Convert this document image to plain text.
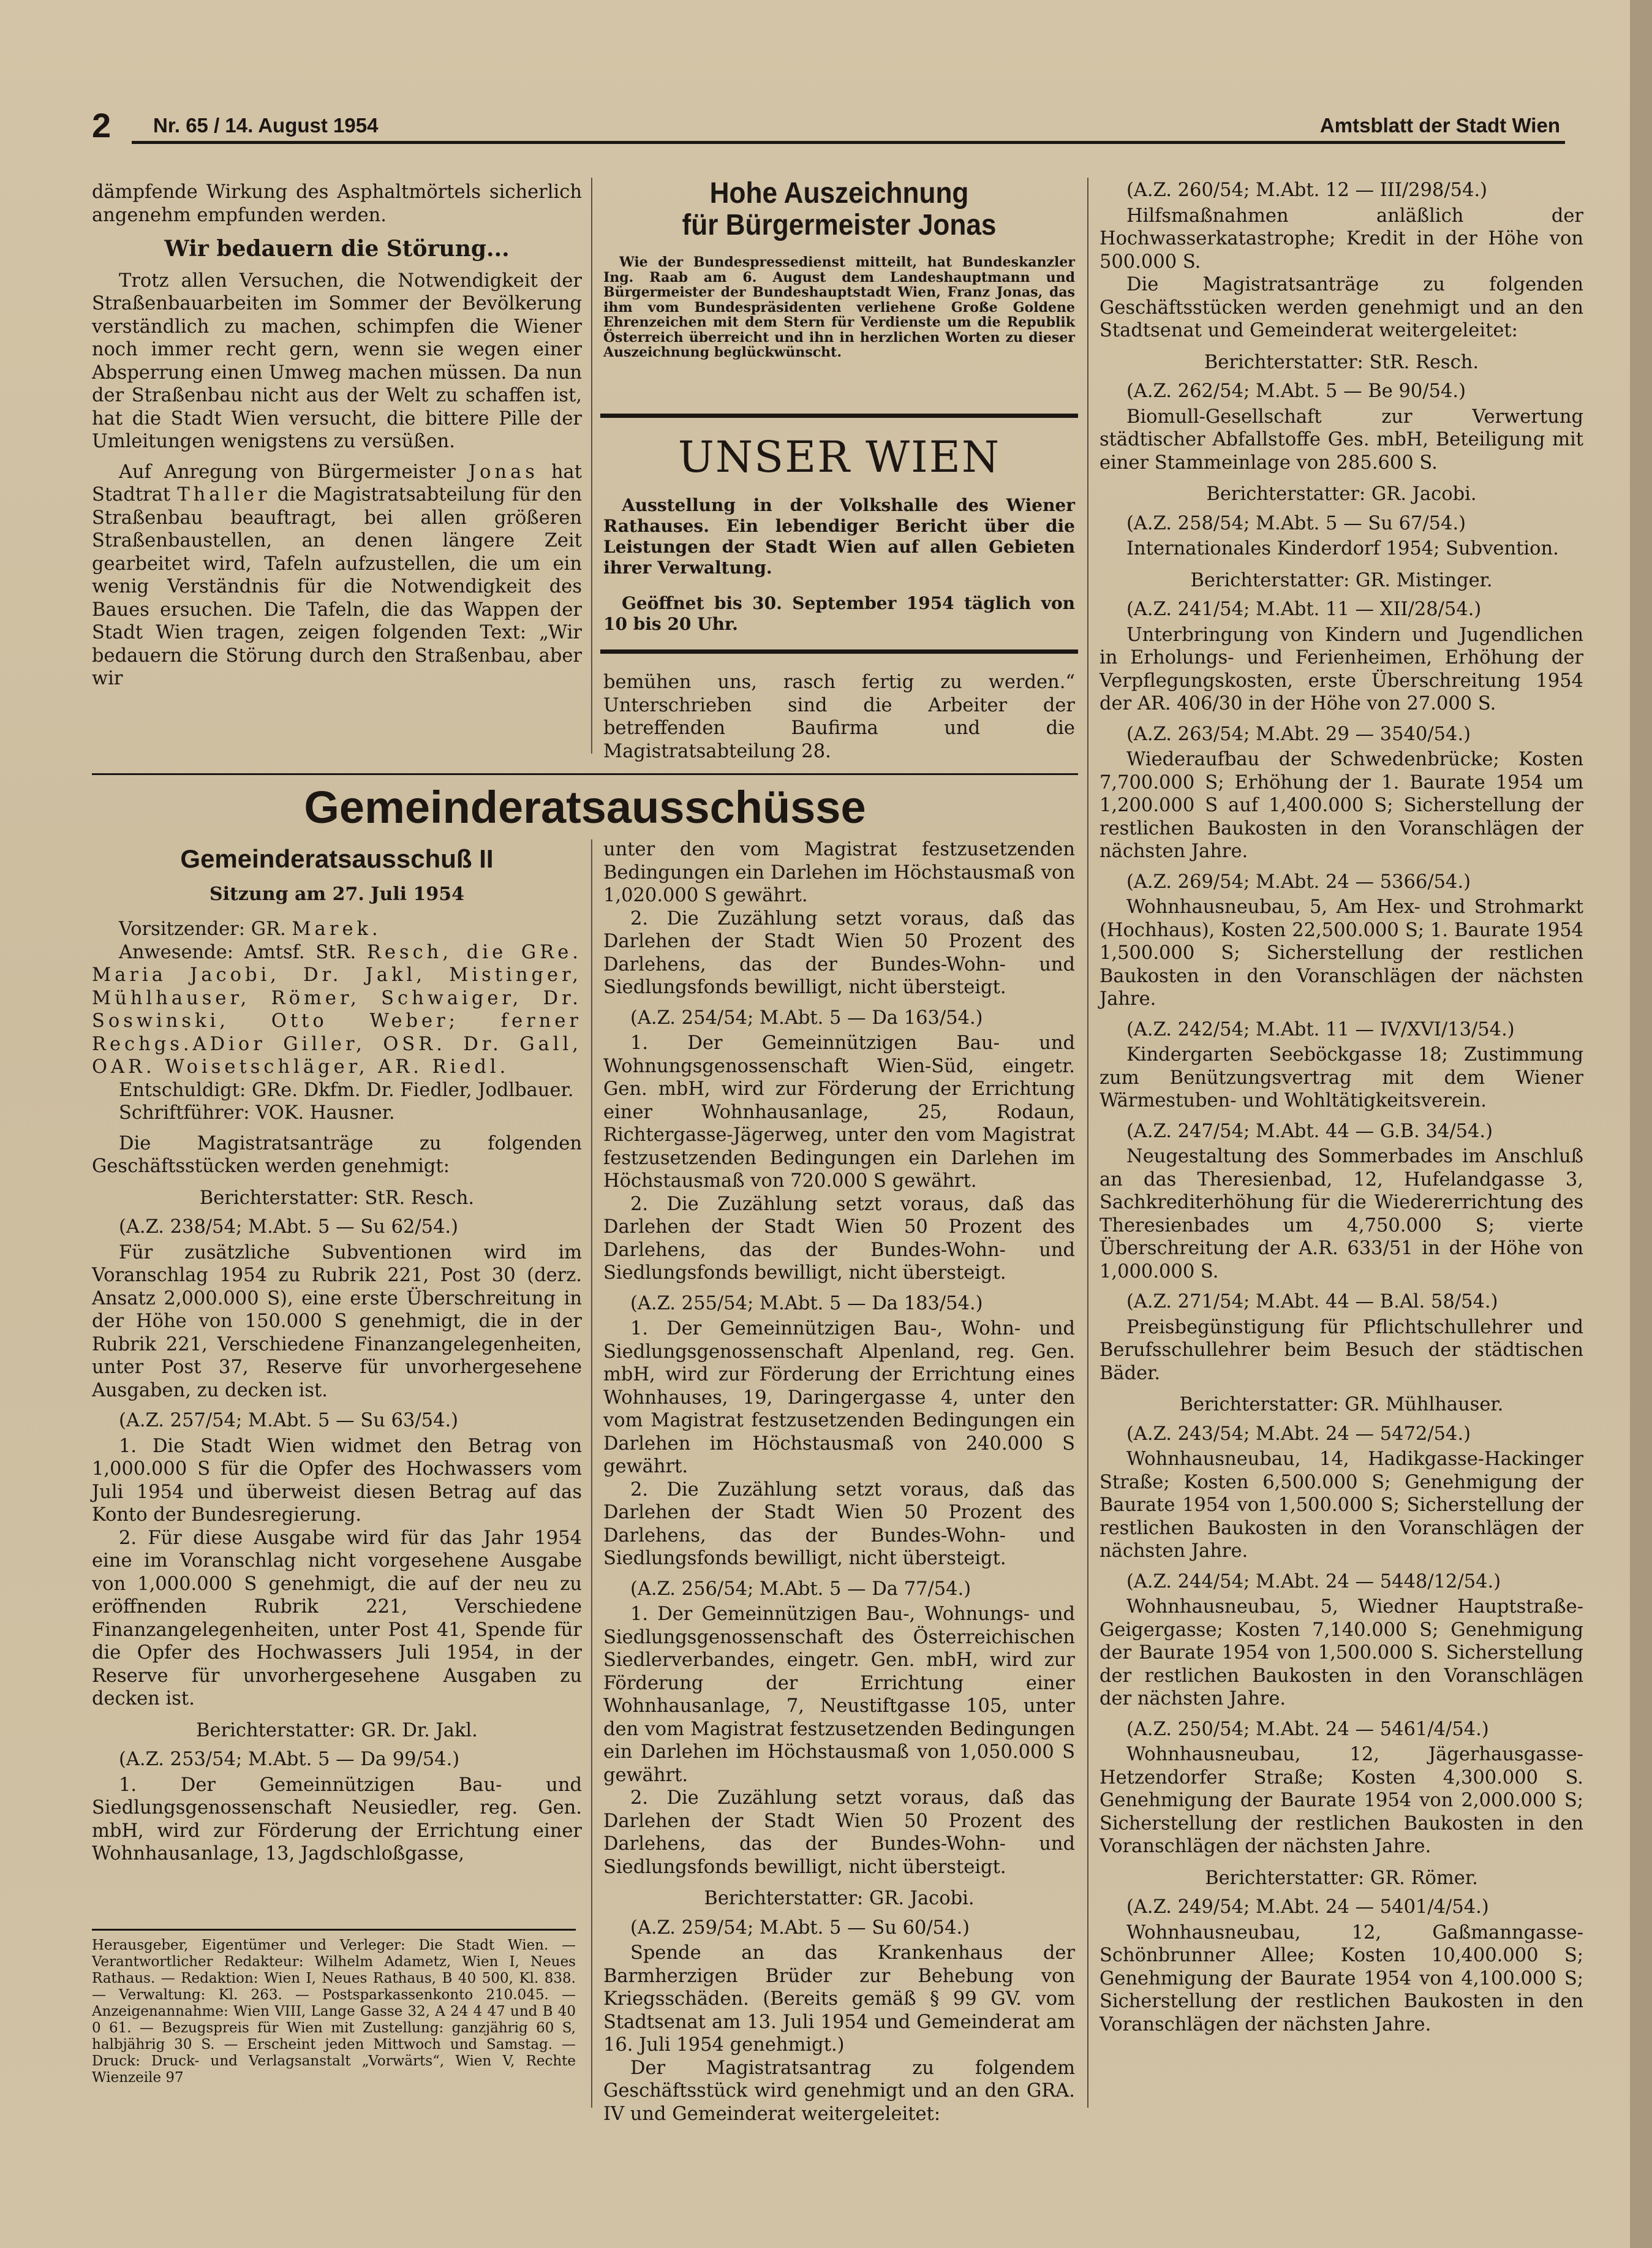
2 Nr. 65 / 14. August 1954	Amtsblatt der Stadt Wien

dämpfende Wirkung des Asphaltmörtels sicherlich angenehm empfunden werden.

Wir bedauern die Störung...

Trotz allen Versuchen, die Notwendigkeit der Straßenbauarbeiten im Sommer der Bevölkerung verständlich zu machen, schimpfen die Wiener noch immer recht gern, wenn sie wegen einer Absperrung einen Umweg machen müssen. Da nun der Straßenbau nicht aus der Welt zu schaffen ist, hat die Stadt Wien versucht, die bittere Pille der Umleitungen wenigstens zu versüßen.

Auf Anregung von Bürgermeister Jonas hat Stadtrat Thaller die Magistratsabteilung für den Straßenbau beauftragt, bei allen größeren Straßenbaustellen, an denen längere Zeit gearbeitet wird, Tafeln aufzustellen, die um ein wenig Verständnis für die Notwendigkeit des Baues ersuchen. Die Tafeln, die das Wappen der Stadt Wien tragen, zeigen folgenden Text: „Wir bedauern die Störung durch den Straßenbau, aber wir

Hohe Auszeichnung
für Bürgermeister Jonas
Wie der Bundespressedienst mitteilt, hat Bundeskanzler Ing. Raab am 6. August dem Landeshauptmann und Bürgermeister der Bundeshauptstadt Wien, Franz Jonas, das ihm vom Bundespräsidenten verliehene Große Goldene Ehrenzeichen mit dem Stern für Verdienste um die Republik Österreich überreicht und ihn in herzlichen Worten zu dieser Auszeichnung beglückwünscht.
UNSER WIEN
Ausstellung in der Volkshalle des Wiener Rathauses. Ein lebendiger Bericht über die Leistungen der Stadt Wien auf allen Gebieten ihrer Verwaltung.
Geöffnet bis 30. September 1954 täglich von 10 bis 20 Uhr.

bemühen uns, rasch fertig zu werden.“ Unterschrieben sind die Arbeiter der betreffenden Baufirma und die Magistratsabteilung 28.

Gemeinderatsausschüsse
Gemeinderatsausschuß II
Sitzung am 27. Juli 1954

Vorsitzender: GR. Marek.

Anwesende: Amtsf. StR. Resch, die GRe. Maria Jacobi, Dr. Jakl, Mistinger, Mühlhauser, Römer, Schwaiger, Dr. Soswinski, Otto Weber; ferner Rechgs.ADior Giller, OSR. Dr. Gall, OAR. Woisetschläger, AR. Riedl.

Entschuldigt: GRe. Dkfm. Dr. Fiedler, Jodlbauer.

Schriftführer: VOK. Hausner.

Die Magistratsanträge zu folgenden Geschäftsstücken werden genehmigt:

Berichterstatter: StR. Resch.

(A.Z. 238/54; M.Abt. 5 — Su 62/54.)

Für zusätzliche Subventionen wird im Voranschlag 1954 zu Rubrik 221, Post 30 (derz. Ansatz 2,000.000 S), eine erste Überschreitung in der Höhe von 150.000 S genehmigt, die in der Rubrik 221, Verschiedene Finanzangelegenheiten, unter Post 37, Reserve für unvorhergesehene Ausgaben, zu decken ist.

(A.Z. 257/54; M.Abt. 5 — Su 63/54.)

1. Die Stadt Wien widmet den Betrag von 1,000.000 S für die Opfer des Hochwassers vom Juli 1954 und überweist diesen Betrag auf das Konto der Bundesregierung.

2. Für diese Ausgabe wird für das Jahr 1954 eine im Voranschlag nicht vorgesehene Ausgabe von 1,000.000 S genehmigt, die auf der neu zu eröffnenden Rubrik 221, Verschiedene Finanzangelegenheiten, unter Post 41, Spende für die Opfer des Hochwassers Juli 1954, in der Reserve für unvorhergesehene Ausgaben zu decken ist.

Berichterstatter: GR. Dr. Jakl.

(A.Z. 253/54; M.Abt. 5 — Da 99/54.)

1. Der Gemeinnützigen Bau- und Siedlungsgenossenschaft Neusiedler, reg. Gen. mbH, wird zur Förderung der Errichtung einer Wohnhausanlage, 13, Jagdschloßgasse,

Herausgeber, Eigentümer und Verleger: Die Stadt Wien. — Verantwortlicher Redakteur: Wilhelm Adametz, Wien I, Neues Rathaus. — Redaktion: Wien I, Neues Rathaus, B 40 500, Kl. 838. — Verwaltung: Kl. 263. — Postsparkassenkonto 210.045. — Anzeigenannahme: Wien VIII, Lange Gasse 32, A 24 4 47 und B 40 0 61. — Bezugspreis für Wien mit Zustellung: ganzjährig 60 S, halbjährig 30 S. — Erscheint jeden Mittwoch und Samstag. — Druck: Druck- und Verlagsanstalt „Vorwärts“, Wien V, Rechte Wienzeile 97

unter den vom Magistrat festzusetzenden Bedingungen ein Darlehen im Höchstausmaß von 1,020.000 S gewährt.

2. Die Zuzählung setzt voraus, daß das Darlehen der Stadt Wien 50 Prozent des Darlehens, das der Bundes-Wohn- und Siedlungsfonds bewilligt, nicht übersteigt.

(A.Z. 254/54; M.Abt. 5 — Da 163/54.)

1. Der Gemeinnützigen Bau- und Wohnungsgenossenschaft Wien-Süd, eingetr. Gen. mbH, wird zur Förderung der Errichtung einer Wohnhausanlage, 25, Rodaun, Richtergasse-Jägerweg, unter den vom Magistrat festzusetzenden Bedingungen ein Darlehen im Höchstausmaß von 720.000 S gewährt.

2. Die Zuzählung setzt voraus, daß das Darlehen der Stadt Wien 50 Prozent des Darlehens, das der Bundes-Wohn- und Siedlungsfonds bewilligt, nicht übersteigt.

(A.Z. 255/54; M.Abt. 5 — Da 183/54.)

1. Der Gemeinnützigen Bau-, Wohn- und Siedlungsgenossenschaft Alpenland, reg. Gen. mbH, wird zur Förderung der Errichtung eines Wohnhauses, 19, Daringergasse 4, unter den vom Magistrat festzusetzenden Bedingungen ein Darlehen im Höchstausmaß von 240.000 S gewährt.

2. Die Zuzählung setzt voraus, daß das Darlehen der Stadt Wien 50 Prozent des Darlehens, das der Bundes-Wohn- und Siedlungsfonds bewilligt, nicht übersteigt.

(A.Z. 256/54; M.Abt. 5 — Da 77/54.)

1. Der Gemeinnützigen Bau-, Wohnungs- und Siedlungsgenossenschaft des Österreichischen Siedlerverbandes, eingetr. Gen. mbH, wird zur Förderung der Errichtung einer Wohnhausanlage, 7, Neustiftgasse 105, unter den vom Magistrat festzusetzenden Bedingungen ein Darlehen im Höchstausmaß von 1,050.000 S gewährt.

2. Die Zuzählung setzt voraus, daß das Darlehen der Stadt Wien 50 Prozent des Darlehens, das der Bundes-Wohn- und Siedlungsfonds bewilligt, nicht übersteigt.

Berichterstatter: GR. Jacobi.

(A.Z. 259/54; M.Abt. 5 — Su 60/54.)

Spende an das Krankenhaus der Barmherzigen Brüder zur Behebung von Kriegsschäden. (Bereits gemäß § 99 GV. vom Stadtsenat am 13. Juli 1954 und Gemeinderat am 16. Juli 1954 genehmigt.)

Der Magistratsantrag zu folgendem Geschäftsstück wird genehmigt und an den GRA. IV und Gemeinderat weitergeleitet:

(A.Z. 260/54; M.Abt. 12 — III/298/54.)

Hilfsmaßnahmen anläßlich der Hochwasserkatastrophe; Kredit in der Höhe von 500.000 S.

Die Magistratsanträge zu folgenden Geschäftsstücken werden genehmigt und an den Stadtsenat und Gemeinderat weitergeleitet:

Berichterstatter: StR. Resch.

(A.Z. 262/54; M.Abt. 5 — Be 90/54.)

Biomull-Gesellschaft zur Verwertung städtischer Abfallstoffe Ges. mbH, Beteiligung mit einer Stammeinlage von 285.600 S.

Berichterstatter: GR. Jacobi.

(A.Z. 258/54; M.Abt. 5 — Su 67/54.)

Internationales Kinderdorf 1954; Subvention.

Berichterstatter: GR. Mistinger.

(A.Z. 241/54; M.Abt. 11 — XII/28/54.)

Unterbringung von Kindern und Jugendlichen in Erholungs- und Ferienheimen, Erhöhung der Verpflegungskosten, erste Überschreitung 1954 der AR. 406/30 in der Höhe von 27.000 S.

(A.Z. 263/54; M.Abt. 29 — 3540/54.)

Wiederaufbau der Schwedenbrücke; Kosten 7,700.000 S; Erhöhung der 1. Baurate 1954 um 1,200.000 S auf 1,400.000 S; Sicherstellung der restlichen Baukosten in den Voranschlägen der nächsten Jahre.

(A.Z. 269/54; M.Abt. 24 — 5366/54.)

Wohnhausneubau, 5, Am Hex- und Strohmarkt (Hochhaus), Kosten 22,500.000 S; 1. Baurate 1954 1,500.000 S; Sicherstellung der restlichen Baukosten in den Voranschlägen der nächsten Jahre.

(A.Z. 242/54; M.Abt. 11 — IV/XVI/13/54.)

Kindergarten Seeböckgasse 18; Zustimmung zum Benützungsvertrag mit dem Wiener Wärmestuben- und Wohltätigkeitsverein.

(A.Z. 247/54; M.Abt. 44 — G.B. 34/54.)

Neugestaltung des Sommerbades im Anschluß an das Theresienbad, 12, Hufelandgasse 3, Sachkrediterhöhung für die Wiedererrichtung des Theresienbades um 4,750.000 S; vierte Überschreitung der A.R. 633/51 in der Höhe von 1,000.000 S.

(A.Z. 271/54; M.Abt. 44 — B.Al. 58/54.)

Preisbegünstigung für Pflichtschullehrer und Berufsschullehrer beim Besuch der städtischen Bäder.

Berichterstatter: GR. Mühlhauser.

(A.Z. 243/54; M.Abt. 24 — 5472/54.)

Wohnhausneubau, 14, Hadikgasse-Hackinger Straße; Kosten 6,500.000 S; Genehmigung der Baurate 1954 von 1,500.000 S; Sicherstellung der restlichen Baukosten in den Voranschlägen der nächsten Jahre.

(A.Z. 244/54; M.Abt. 24 — 5448/12/54.)

Wohnhausneubau, 5, Wiedner Hauptstraße-Geigergasse; Kosten 7,140.000 S; Genehmigung der Baurate 1954 von 1,500.000 S. Sicherstellung der restlichen Baukosten in den Voranschlägen der nächsten Jahre.

(A.Z. 250/54; M.Abt. 24 — 5461/4/54.)

Wohnhausneubau, 12, Jägerhausgasse-Hetzendorfer Straße; Kosten 4,300.000 S. Genehmigung der Baurate 1954 von 2,000.000 S; Sicherstellung der restlichen Baukosten in den Voranschlägen der nächsten Jahre.

Berichterstatter: GR. Römer.

(A.Z. 249/54; M.Abt. 24 — 5401/4/54.)

Wohnhausneubau, 12, Gaßmanngasse-Schönbrunner Allee; Kosten 10,400.000 S; Genehmigung der Baurate 1954 von 4,100.000 S; Sicherstellung der restlichen Baukosten in den Voranschlägen der nächsten Jahre.
